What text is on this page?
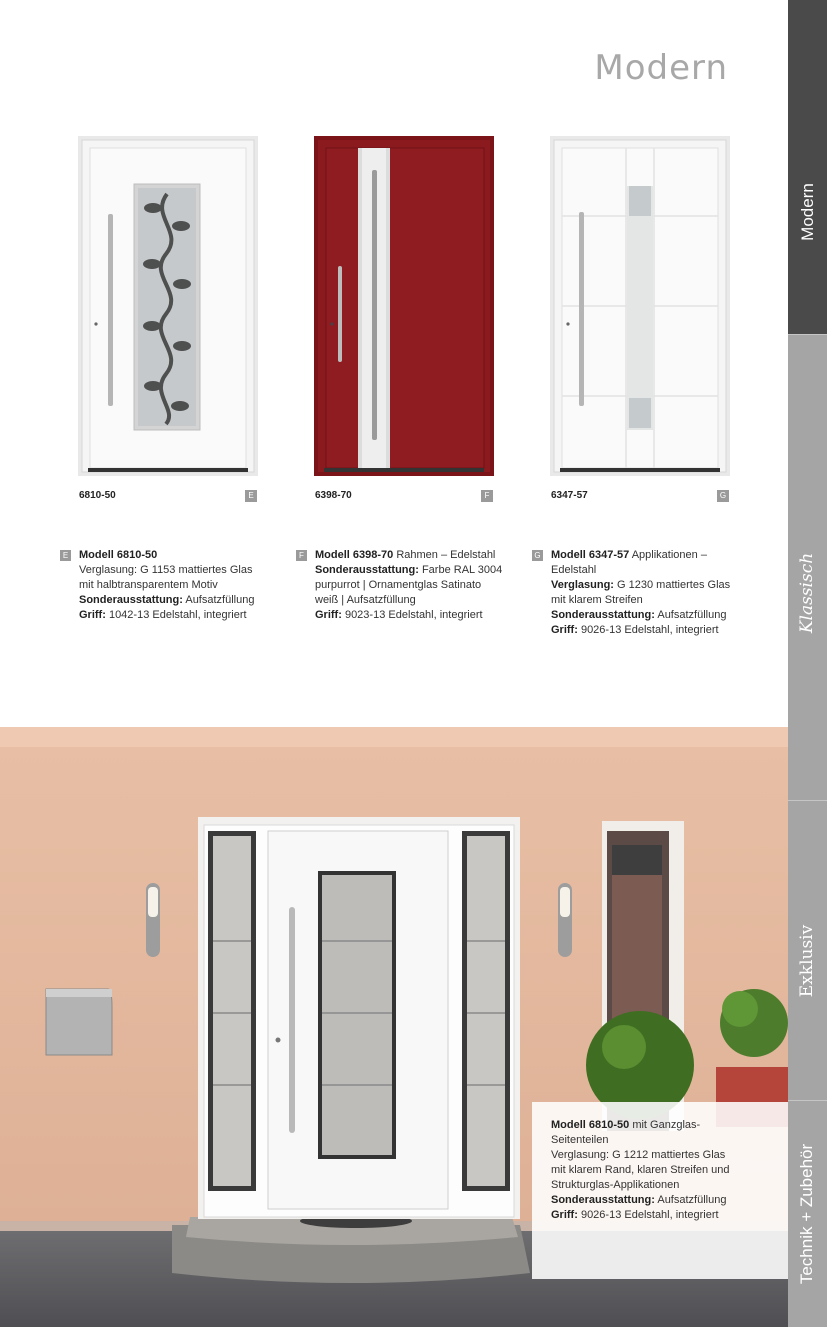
Modern
Modern
Klassisch
Exklusiv
Technik + Zubehör
6810-50	E	6398-70	F	6347-57	G
E Modell 6810-50
Verglasung: G 1153 mattiertes Glas
mit halbtransparentem Motiv
Sonderausstattung: Aufsatzfüllung
Griff: 1042-13 Edelstahl, integriert
F Modell 6398-70 Rahmen – Edelstahl
Sonderausstattung: Farbe RAL 3004
purpurrot | Ornamentglas Satinato
weiß | Aufsatzfüllung
Griff: 9023-13 Edelstahl, integriert
G Modell 6347-57 Applikationen –
Edelstahl
Verglasung: G 1230 mattiertes Glas
mit klarem Streifen
Sonderausstattung: Aufsatzfüllung
Griff: 9026-13 Edelstahl, integriert
Modell 6810-50 mit Ganzglas-
Seitenteilen
Verglasung: G 1212 mattiertes Glas
mit klarem Rand, klaren Streifen und
Strukturglas-Applikationen
Sonderausstattung: Aufsatzfüllung
Griff: 9026-13 Edelstahl, integriert
